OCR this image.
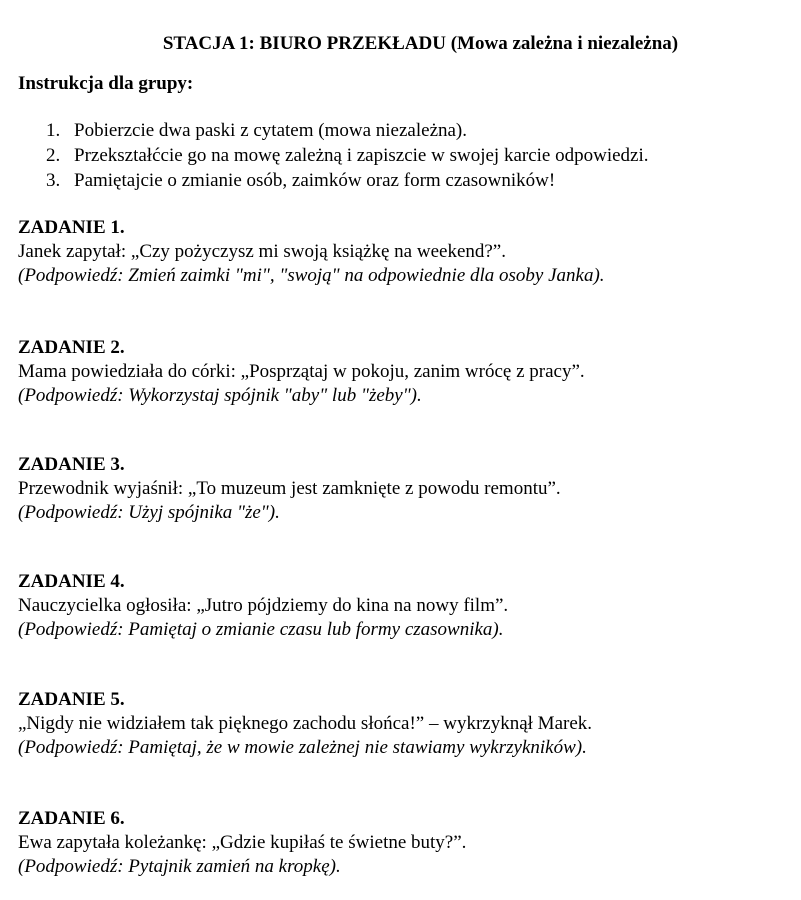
STACJA 1: BIURO PRZEKŁADU (Mowa zależna i niezależna)
Instrukcja dla grupy:
1. Pobierzcie dwa paski z cytatem (mowa niezależna).
2. Przekształćcie go na mowę zależną i zapiszcie w swojej karcie odpowiedzi.
3. Pamiętajcie o zmianie osób, zaimków oraz form czasowników!
ZADANIE 1.
Janek zapytał: „Czy pożyczysz mi swoją książkę na weekend?”.
(Podpowiedź: Zmień zaimki "mi", "swoją" na odpowiednie dla osoby Janka).
ZADANIE 2.
Mama powiedziała do córki: „Posprzątaj w pokoju, zanim wrócę z pracy”.
(Podpowiedź: Wykorzystaj spójnik "aby" lub "żeby").
ZADANIE 3.
Przewodnik wyjaśnił: „To muzeum jest zamknięte z powodu remontu”.
(Podpowiedź: Użyj spójnika "że").
ZADANIE 4.
Nauczycielka ogłosiła: „Jutro pójdziemy do kina na nowy film”.
(Podpowiedź: Pamiętaj o zmianie czasu lub formy czasownika).
ZADANIE 5.
„Nigdy nie widziałem tak pięknego zachodu słońca!” – wykrzyknął Marek.
(Podpowiedź: Pamiętaj, że w mowie zależnej nie stawiamy wykrzykników).
ZADANIE 6.
Ewa zapytała koleżankę: „Gdzie kupiłaś te świetne buty?”.
(Podpowiedź: Pytajnik zamień na kropkę).
